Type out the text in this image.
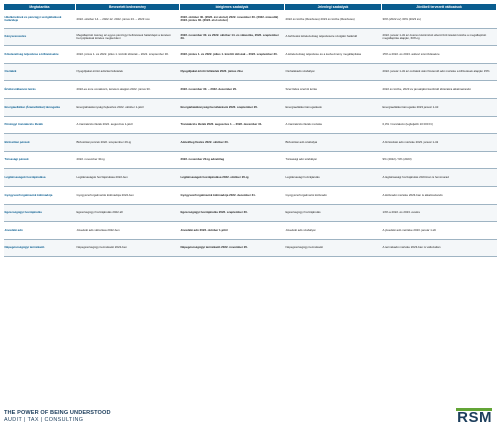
Megtakarítás	Bevezetett kedvezmény	Ideiglenes szabályok	Jelenlegi szabályok	Jövőbeli tervezett változások
Hitelkérelmek és pénzügyi szolgáltatások határideje	2022. október 14. – 2022.12. 2022. június 23. – 2023 nov	2022. október 30. (2022. évi utolsó) 2022. november 30. (2022. második) 2023. június 30. (2023. első utolsó)	2022 év közbe (Részletes) 2023 év közbe (Részletes)	30% (2022 év) 30% (2023 év)
Kényszerezetés	Megállapított összeg az egyes pénzügyi befizetések határidejét a kérelem benyújtásával köteles megkezdeni	2022. november 30. és 2022. október 14. és választás, 2022. szeptember 29.	A befizetési kötelezettség teljesítésére szolgáló határidő	2022. január 1-től az összes kiszámított ellenőrzött tételek körébe a megállapított megállapítás alapján, 60%-ig
Kötelezettség teljesítése a kifizetésekre	2022. június 1. és 2022. július 1. közötti időszak – 2022. szeptember 30.	2022. június 1. és 2022. július 1. közötti időszak – 2022. szeptember 30.	A kötelezettség teljesítése és a kedvezmény megállapítása	15% a 2022. és 2023. adóévi szerződésekre
Osztalék	Nyugdíjakat érintő adózási feltételek	Nyugdíjakat érintő feltételek 2022. június 29-e	Osztalékadó szabályai	2022. január 1-től az osztalék után fizetendő adó mértéke a kifizetések alapján 15%
Értékcsökkenési leírás	2022-es évre vonatkozó, kérelem alapján 2022. június 30.	2022. november 30. – 2022. december 20.	Szerződés szerinti leírás	2022 év közbe, 2023 év januárjától kezdődő időszakra alkalmazandó
Energiaellátási (Áramellátási) támogatás	Energiahatékonysági fejlesztés 2022. október 1-jétől	Energiahatékonysági beruházások 2022. szeptember 20.	Energiaellátási támogatások	Energiaellátási támogatás 2023 január 1-től
Pénzügyi tranzakciós illeték	A tranzakciós illeték 2022. augusztus 1-jétől	Tranzakciós illeték 2022. augusztus 1. – 2022. december 31.	A tranzakciós illeték mértéke	0,3% / tranzakció (legfeljebb 10 000 Ft)
Biztosítási pénzek	Biztosítási pénzek 2022. szeptember 29-ig	Adóelőleg fizetés 2022. október 20.	Biztosítási adó szabályai	A biztosítási adó mértéke 2023. január 1-től
Társasági pénzek	2022. november 30-ig	2022. november 20-ig adóelőleg	Társasági adó szabályai	9% (2022) / 9% (2023)
Légitársaságok hozzájárulása	Légitársaságok hozzájárulása 2022-ben	Légitársaságok hozzájárulása 2022. október 20-ig	Légitársasági hozzájárulás	A légitársasági hozzájárulás 2023-ban is fennmarad
Gyógyszerforgalmazók különadója	Gyógyszerforgalmazók különadója 2022-ben	Gyógyszerforgalmazók különadója 2022. december 31.	Gyógyszerforgalmazói különadó	A különadó mértéke 2023-ban is alkalmazandó
Egészségügyi hozzájárulás	Egészségügyi hozzájárulás 2022-től	Egészségügyi hozzájárulás 2022. szeptember 30.	Egészségügyi hozzájárulás	13% a 2022. és 2023. évekre
Jövedéki adó	Jövedéki adó változása 2022-ben	Jövedéki adó 2022. október 1-jétől	Jövedéki adó szabályai	A jövedéki adó mértéke 2023. január 1-től
Népegészségügyi termékadó	Népegészségügyi termékadó 2022-ben	Népegészségügyi termékadó 2022. november 20.	Népegészségügyi termékadó	A termékadó mértéke 2023-ban is változatlan
THE POWER OF BEING UNDERSTOOD
AUDIT | TAX | CONSULTING	RSM
